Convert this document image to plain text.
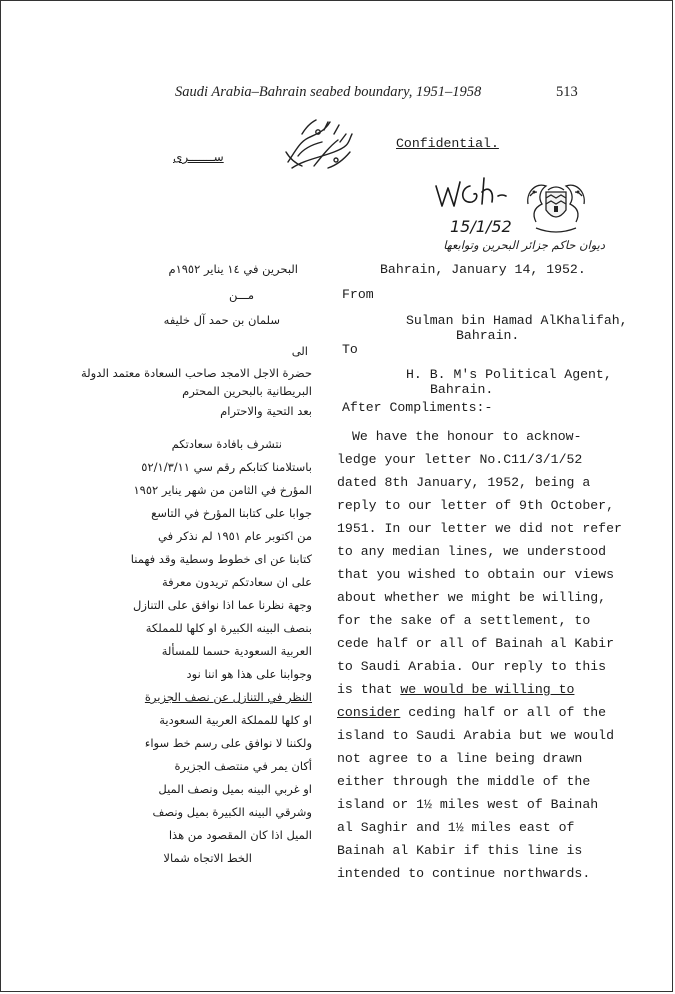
Saudi Arabia–Bahrain seabed boundary, 1951–1958	513
ســـــــرى
Confidential.
15/1/52
ديوان حاكم جزائر البحرين وتوابعها
Bahrain, January 14, 1952.
From
Sulman bin Hamad AlKhalifah,
Bahrain.
To
H. B. M's Political Agent,
Bahrain.
After Compliments:-
We have the honour to acknow-
ledge your letter No.C11/3/1/52
dated 8th January, 1952, being a
reply to our letter of 9th October,
1951. In our letter we did not refer
to any median lines, we understood
that you wished to obtain our views
about whether we might be willing,
for the sake of a settlement, to
cede half or all of Bainah al Kabir
to Saudi Arabia. Our reply to this
is that we would be willing to
consider ceding half or all of the
island to Saudi Arabia but we would
not agree to a line being drawn
either through the middle of the
island or 1½ miles west of Bainah
al Saghir and 1½ miles east of
Bainah al Kabir if this line is
intended to continue northwards.
البحرين في ١٤ يناير ١٩٥٢م
مـــن
سلمان بن حمد آل خليفه
الى
حضرة الاجل الامجد صاحب السعادة معتمد الدولة
البريطانية بالبحرين المحترم
بعد التحية والاحترام
نتشرف بافادة سعادتكم
باستلامنا كتابكم رقم سي ٥٢/١/٣/١١
المؤرخ في الثامن من شهر يناير ١٩٥٢
جوابا على كتابنا المؤرخ في التاسع
من اكتوبر عام ١٩٥١ لم نذكر في
كتابنا عن اى خطوط وسطية وقد فهمنا
على ان سعادتكم تريدون معرفة
وجهة نظرنا عما اذا نوافق على التنازل
بنصف البينه الكبيرة او كلها للمملكة
العربية السعودية حسما للمسألة
وجوابنا على هذا هو اننا نود
النظر في التنازل عن نصف الجزيرة
او كلها للمملكة العربية السعودية
ولكننا لا نوافق على رسم خط سواء
أكان يمر في منتصف الجزيرة
او غربي البينه بميل ونصف الميل
وشرقي البينه الكبيرة بميل ونصف
الميل اذا كان المقصود من هذا
الخط الاتجاه شمالا
